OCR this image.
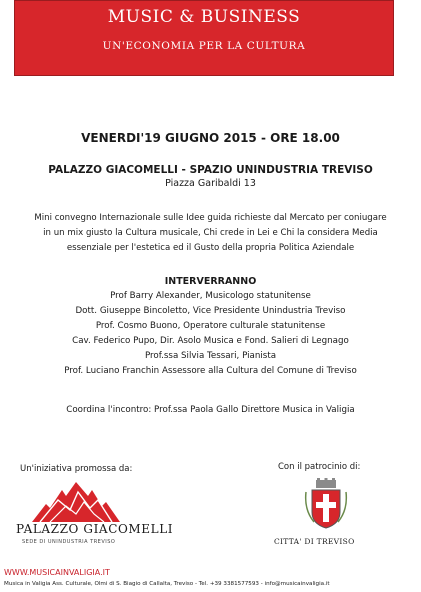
MUSIC & BUSINESS
UN'ECONOMIA PER LA CULTURA
VENERDI'19 GIUGNO 2015 - ORE 18.00
PALAZZO GIACOMELLI - SPAZIO UNINDUSTRIA TREVISO
Piazza Garibaldi 13
Mini convegno Internazionale sulle Idee guida richieste dal Mercato per coniugare
in un mix giusto la Cultura musicale, Chi crede in Lei e Chi la considera Media
essenziale per l'estetica ed il Gusto della propria Politica Aziendale
INTERVERRANNO
Prof Barry Alexander, Musicologo statunitense
Dott. Giuseppe Bincoletto, Vice Presidente Unindustria Treviso
Prof. Cosmo Buono, Operatore culturale statunitense
Cav. Federico Pupo, Dir. Asolo Musica e Fond. Salieri di Legnago
Prof.ssa Silvia Tessari, Pianista
Prof. Luciano Franchin Assessore alla Cultura del Comune di Treviso
Coordina l'incontro: Prof.ssa Paola Gallo Direttore Musica in Valigia
Un'iniziativa promossa da:	Con il patrocinio di:
PALAZZO GIACOMELLI
SEDE DI UNINDUSTRIA TREVISO	CITTA' DI TREVISO
WWW.MUSICAINVALIGIA.IT
Musica in Valigia Ass. Culturale, Olmi di S. Biagio di Callalta, Treviso - Tel. +39 3381577593 - info@musicainvaligia.it
